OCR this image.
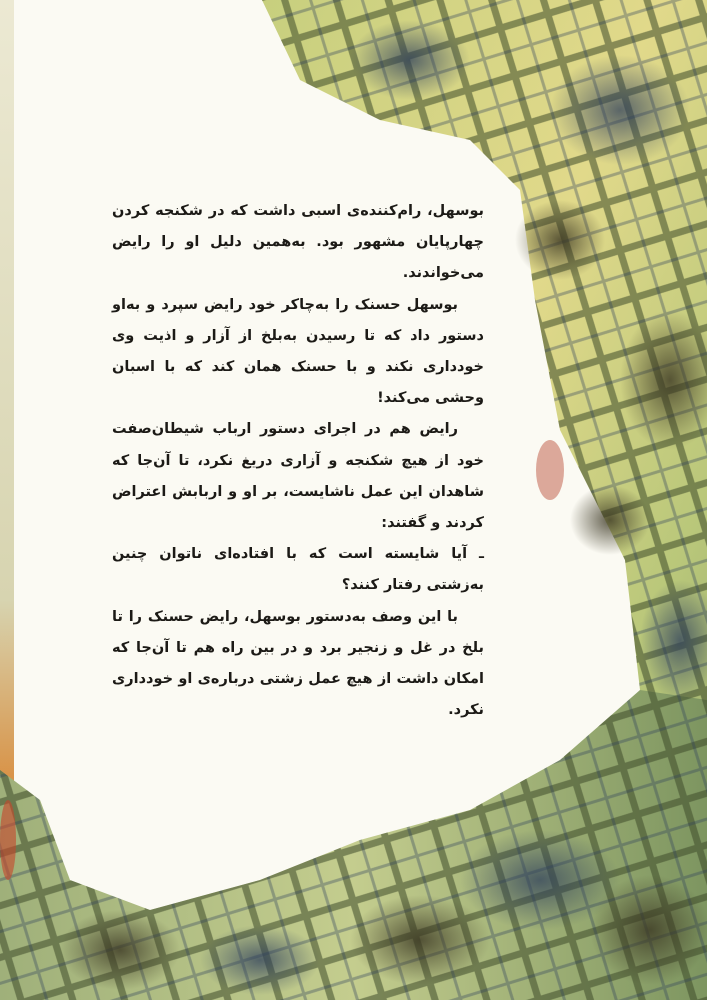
بوسهل، رام‌کننده‌ی اسبی داشت که در شکنجه کردن چهارپایان مشهور بود. به‌همین دلیل او را رایض می‌خواندند.

بوسهل حسنک را به‌چاکر خود رایض سپرد و به‌او دستور داد که تا رسیدن به‌بلخ از آزار و اذیت وی خودداری نکند و با حسنک همان کند که با اسبان وحشی می‌کند!

رایض هم در اجرای دستور ارباب شیطان‌صفت خود از هیچ شکنجه و آزاری دریغ نکرد، تا آن‌جا که شاهدان این عمل ناشایست، بر او و اربابش اعتراض کردند و گفتند:

ـ آیا شایسته است که با افتاده‌ای ناتوان چنین به‌زشتی رفتار کنند؟

با این وصف به‌دستور بوسهل، رایض حسنک را تا بلخ در غل و زنجیر برد و در بین راه هم تا آن‌جا که امکان داشت از هیچ عمل زشتی درباره‌ی او خودداری نکرد.
